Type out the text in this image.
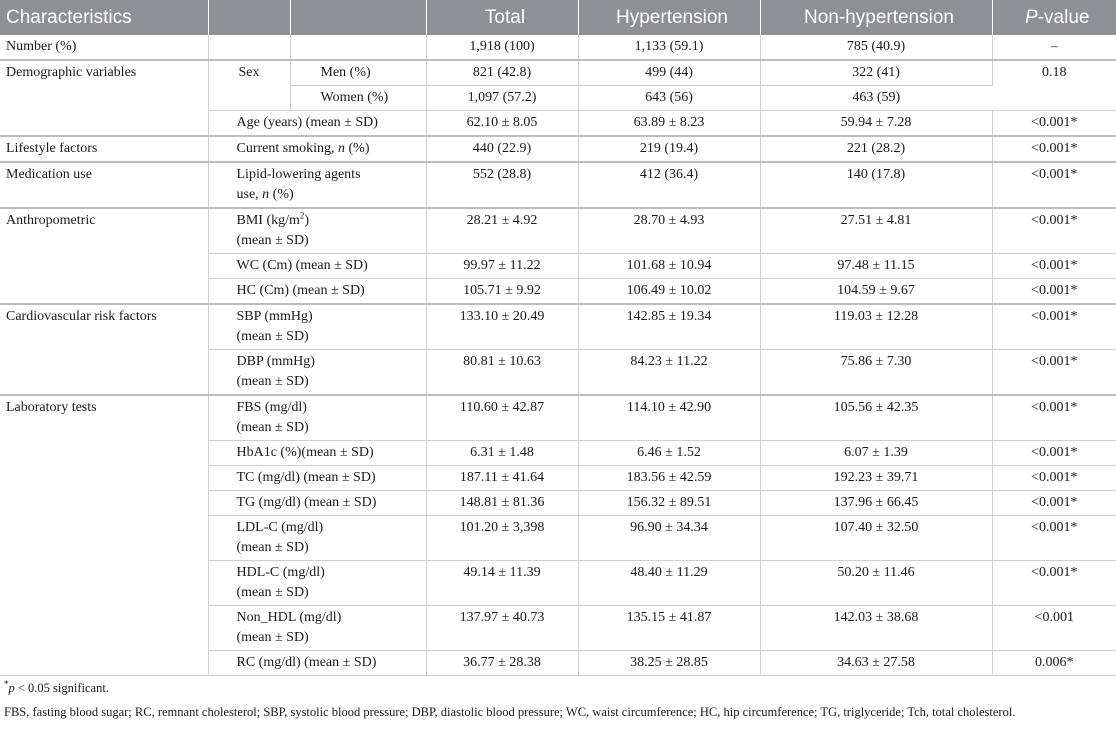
Characteristics			Total	Hypertension	Non-hypertension	P-value
Number (%)			1,918 (100)	1,133 (59.1)	785 (40.9)	–
Demographic variables	Sex	Men (%)	821 (42.8)	499 (44)	322 (41)	0.18
		Women (%)	1,097 (57.2)	643 (56)	463 (59)	
	Age (years) (mean ± SD)		62.10 ± 8.05	63.89 ± 8.23	59.94 ± 7.28	<0.001*
Lifestyle factors	Current smoking, n (%)		440 (22.9)	219 (19.4)	221 (28.2)	<0.001*
Medication use	Lipid-lowering agents
use, n (%)		552 (28.8)	412 (36.4)	140 (17.8)	<0.001*
Anthropometric	BMI $(kg/m^2)$
(mean ± SD)		28.21 ± 4.92	28.70 ± 4.93	27.51 ± 4.81	<0.001*
	WC (Cm) (mean ± SD)		99.97 ± 11.22	101.68 ± 10.94	97.48 ± 11.15	<0.001*
	HC (Cm) (mean ± SD)		105.71 ± 9.92	106.49 ± 10.02	104.59 ± 9.67	<0.001*
Cardiovascular risk factors	SBP (mmHg)
(mean ± SD)		133.10 ± 20.49	142.85 ± 19.34	119.03 ± 12.28	<0.001*
	DBP (mmHg)
(mean ± SD)		80.81 ± 10.63	84.23 ± 11.22	75.86 ± 7.30	<0.001*
Laboratory tests	FBS (mg/dl)
(mean ± SD)		110.60 ± 42.87	114.10 ± 42.90	105.56 ± 42.35	<0.001*
	HbA1c (%)(mean ± SD)		6.31 ± 1.48	6.46 ± 1.52	6.07 ± 1.39	<0.001*
	TC (mg/dl) (mean ± SD)		187.11 ± 41.64	183.56 ± 42.59	192.23 ± 39.71	<0.001*
	TG (mg/dl) (mean ± SD)		148.81 ± 81.36	156.32 ± 89.51	137.96 ± 66.45	<0.001*
	LDL-C (mg/dl)
(mean ± SD)		101.20 ± 3,398	96.90 ± 34.34	107.40 ± 32.50	<0.001*
	HDL-C (mg/dl)
(mean ± SD)		49.14 ± 11.39	48.40 ± 11.29	50.20 ± 11.46	<0.001*
	Non_HDL (mg/dl)
(mean ± SD)		137.97 ± 40.73	135.15 ± 41.87	142.03 ± 38.68	<0.001
	RC (mg/dl) (mean ± SD)		36.77 ± 28.38	38.25 ± 28.85	34.63 ± 27.58	0.006*
*p < 0.05 significant.
FBS, fasting blood sugar; RC, remnant cholesterol; SBP, systolic blood pressure; DBP, diastolic blood pressure; WC, waist circumference; HC, hip circumference; TG, triglyceride; Tch, total cholesterol.
